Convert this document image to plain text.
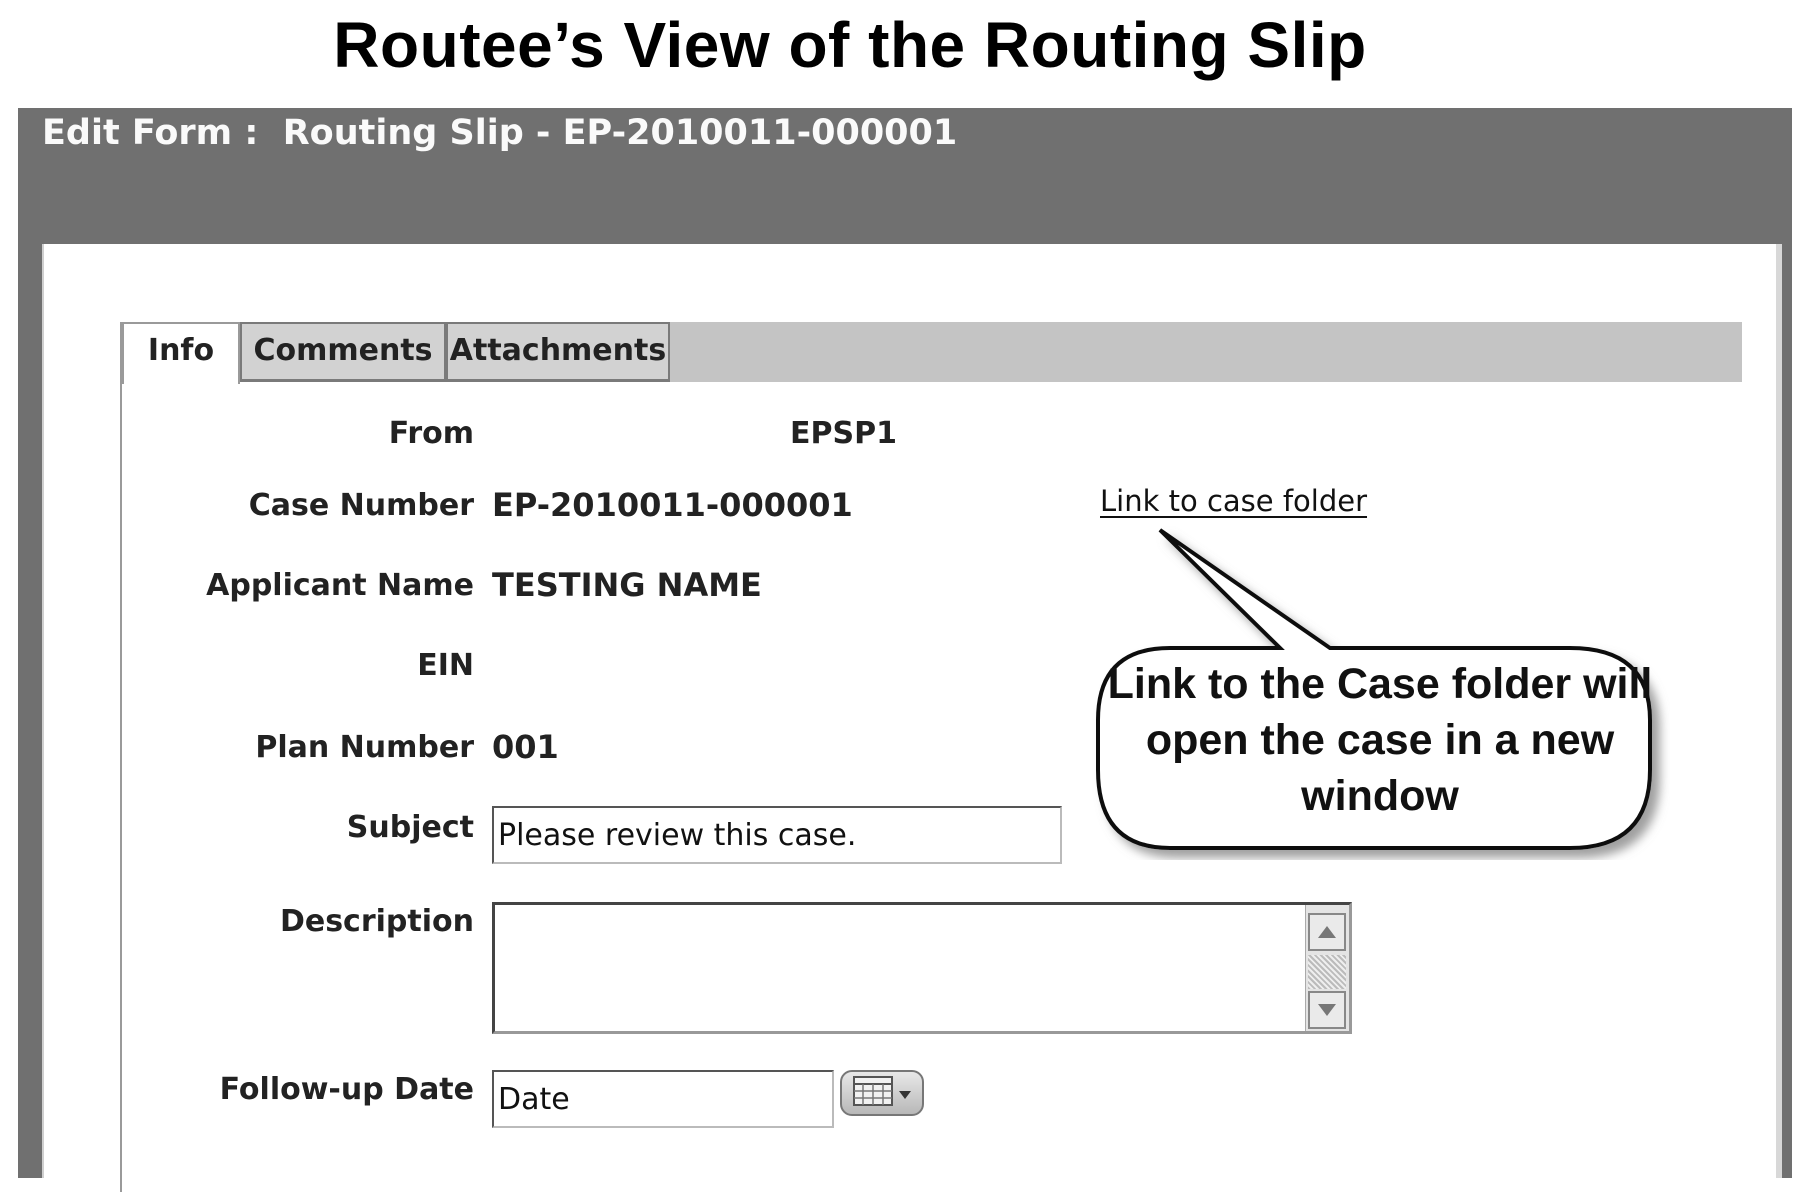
Routee’s View of the Routing Slip
Edit Form :  Routing Slip - EP-2010011-000001
Comments Attachments
Info
From	EPSP1
Case Number EP-2010011-000001	Link to case folder
Applicant Name TESTING NAME
EIN
Plan Number 001
Subject Please review this case.
Description
Follow-up Date Date
Link to the Case folder will open the case in a new window
